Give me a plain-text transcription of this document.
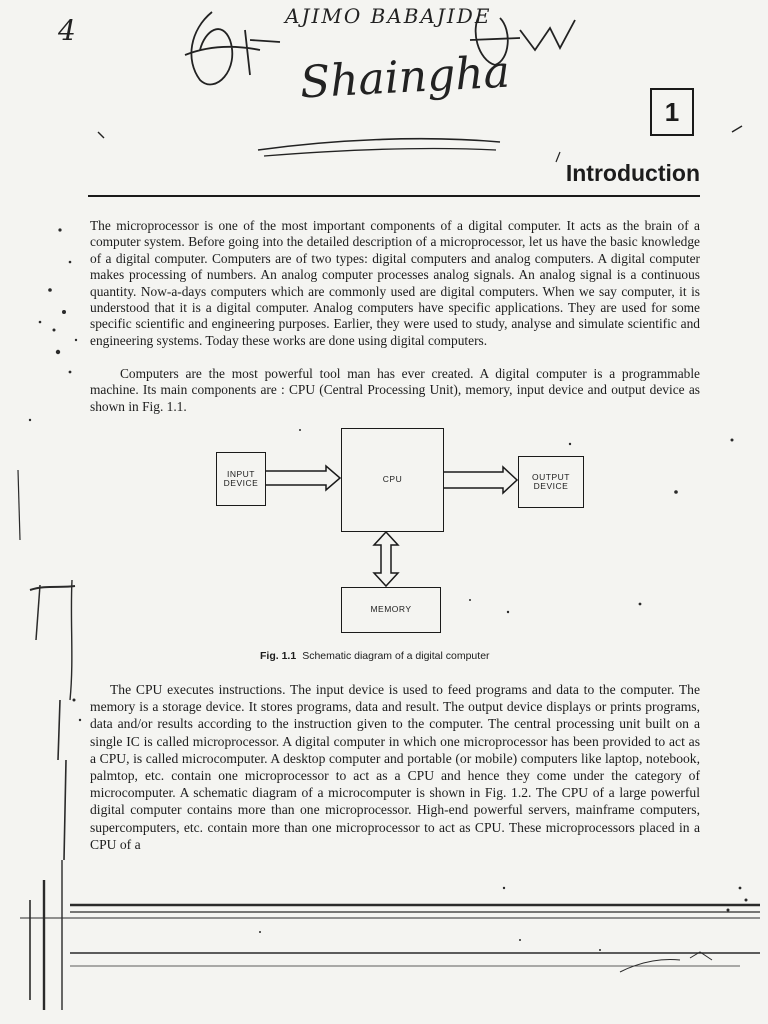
4	AJIMO BABAJIDE
Shaingha
1
Introduction

The microprocessor is one of the most important components of a digital computer. It acts as the brain of a computer system. Before going into the detailed description of a microprocessor, let us have the basic knowledge of a digital computer. Computers are of two types: digital computers and analog computers. A digital computer makes processing of numbers. An analog computer processes analog signals. An analog signal is a continuous quantity. Now-a-days computers which are commonly used are digital computers. When we say computer, it is understood that it is a digital computer. Analog computers have specific applications. They are used for some specific scientific and engineering purposes. Earlier, they were used to study, analyse and simulate scientific and engineering systems. Today these works are done using digital computers.

Computers are the most powerful tool man has ever created. A digital computer is a programmable machine. Its main components are : CPU (Central Processing Unit), memory, input device and output device as shown in Fig. 1.1.

INPUT DEVICE	CPU	OUTPUT DEVICE
MEMORY
Fig. 1.1 Schematic diagram of a digital computer

The CPU executes instructions. The input device is used to feed programs and data to the computer. The memory is a storage device. It stores programs, data and result. The output device displays or prints programs, data and/or results according to the instruction given to the computer. The central processing unit built on a single IC is called microprocessor. A digital computer in which one microprocessor has been provided to act as a CPU, is called microcomputer. A desktop computer and portable (or mobile) computers like laptop, notebook, palmtop, etc. contain one microprocessor to act as a CPU and hence they come under the category of microcomputer. A schematic diagram of a microcomputer is shown in Fig. 1.2. The CPU of a large powerful digital computer contains more than one microprocessor. High-end powerful servers, mainframe computers, supercomputers, etc. contain more than one microprocessor to act as CPU. These microprocessors placed in a CPU of a
